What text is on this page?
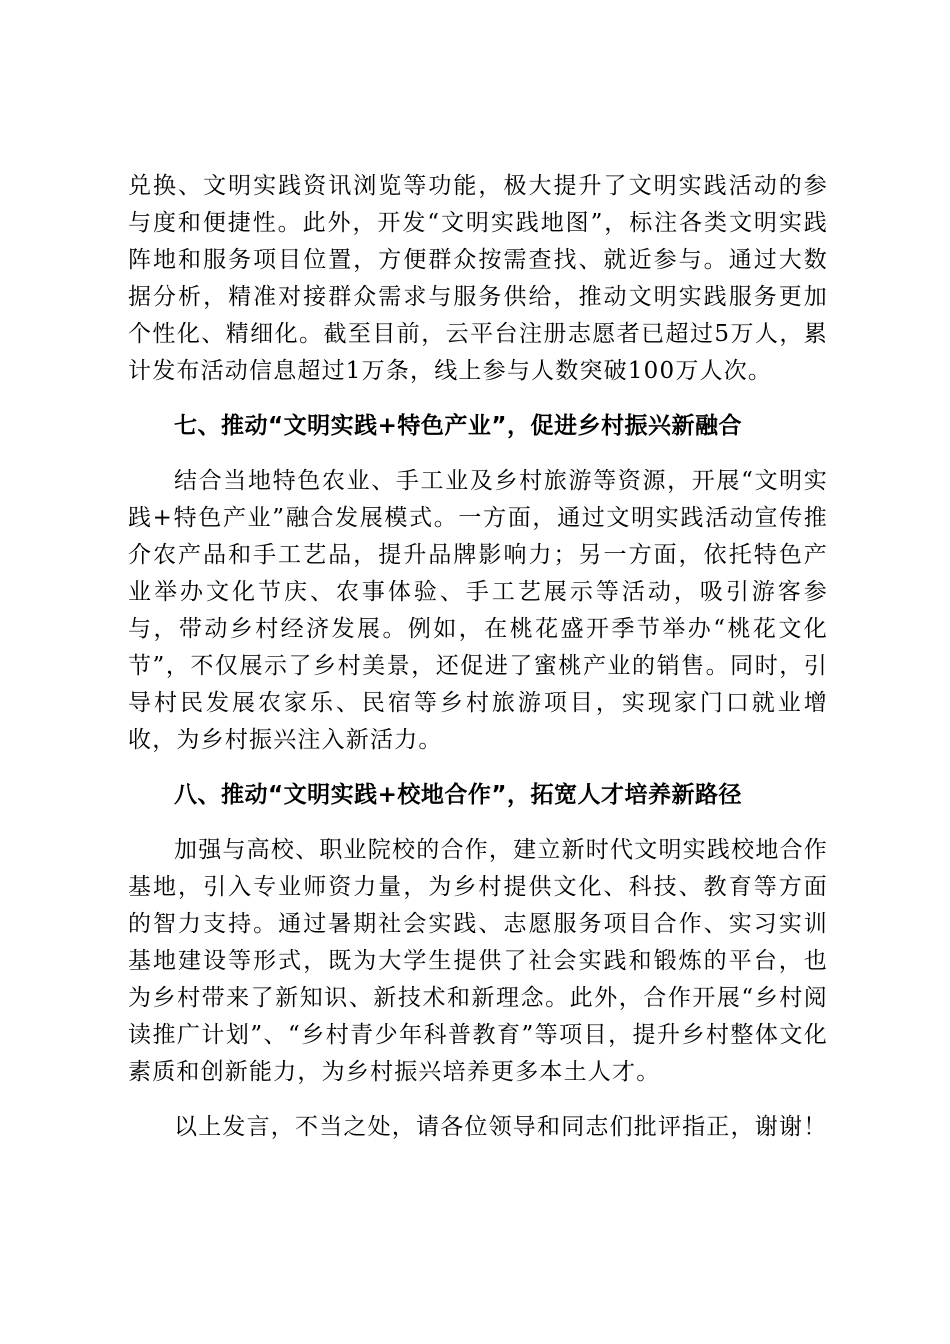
兑换、文明实践资讯浏览等功能，极大提升了文明实践活动的参与度和便捷性。此外，开发“文明实践地图”，标注各类文明实践阵地和服务项目位置，方便群众按需查找、就近参与。通过大数据分析，精准对接群众需求与服务供给，推动文明实践服务更加个性化、精细化。截至目前，云平台注册志愿者已超过5万人，累计发布活动信息超过1万条，线上参与人数突破100万人次。

七、推动“文明实践+特色产业”，促进乡村振兴新融合

结合当地特色农业、手工业及乡村旅游等资源，开展“文明实践+特色产业”融合发展模式。一方面，通过文明实践活动宣传推介农产品和手工艺品，提升品牌影响力；另一方面，依托特色产业举办文化节庆、农事体验、手工艺展示等活动，吸引游客参与，带动乡村经济发展。例如，在桃花盛开季节举办“桃花文化节”，不仅展示了乡村美景，还促进了蜜桃产业的销售。同时，引导村民发展农家乐、民宿等乡村旅游项目，实现家门口就业增收，为乡村振兴注入新活力。

八、推动“文明实践+校地合作”，拓宽人才培养新路径

加强与高校、职业院校的合作，建立新时代文明实践校地合作基地，引入专业师资力量，为乡村提供文化、科技、教育等方面的智力支持。通过暑期社会实践、志愿服务项目合作、实习实训基地建设等形式，既为大学生提供了社会实践和锻炼的平台，也为乡村带来了新知识、新技术和新理念。此外，合作开展“乡村阅读推广计划”、“乡村青少年科普教育”等项目，提升乡村整体文化素质和创新能力，为乡村振兴培养更多本土人才。

以上发言，不当之处，请各位领导和同志们批评指正，谢谢！
